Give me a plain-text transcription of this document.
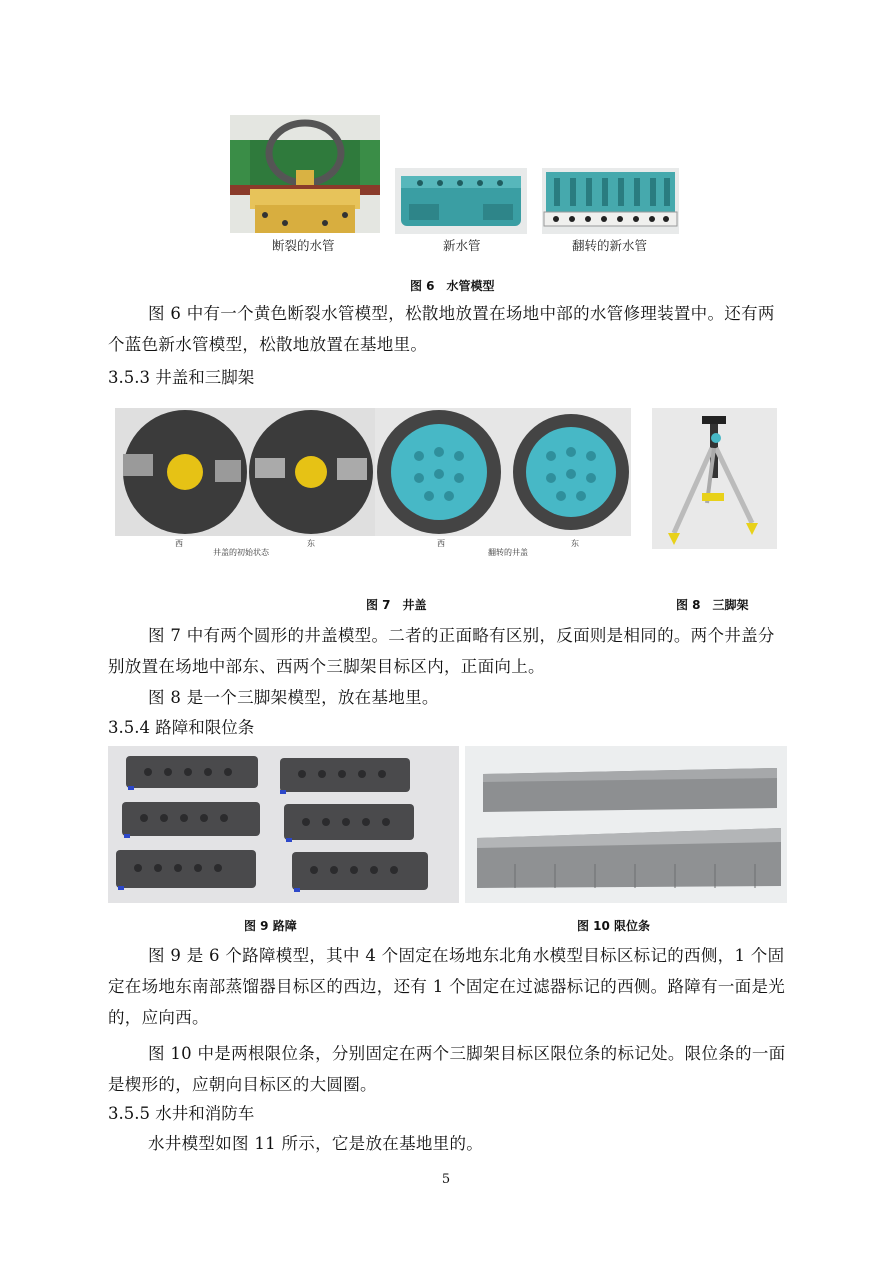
断裂的水管	新水管	翻转的新水管
图 6　水管模型
图 6 中有一个黄色断裂水管模型，松散地放置在场地中部的水管修理装置中。还有两个蓝色新水管模型，松散地放置在基地里。
3.5.3 井盖和三脚架
西	东	西	东
井盖的初始状态	翻转的井盖
图 7　井盖	图 8　三脚架
图 7 中有两个圆形的井盖模型。二者的正面略有区别，反面则是相同的。两个井盖分别放置在场地中部东、西两个三脚架目标区内，正面向上。
图 8 是一个三脚架模型，放在基地里。
3.5.4 路障和限位条
图 9 路障	图 10 限位条
图 9 是 6 个路障模型，其中 4 个固定在场地东北角水模型目标区标记的西侧，1 个固定在场地东南部蒸馏器目标区的西边，还有 1 个固定在过滤器标记的西侧。路障有一面是光的，应向西。
图 10 中是两根限位条，分别固定在两个三脚架目标区限位条的标记处。限位条的一面是楔形的，应朝向目标区的大圆圈。
3.5.5 水井和消防车
水井模型如图 11 所示，它是放在基地里的。
5
